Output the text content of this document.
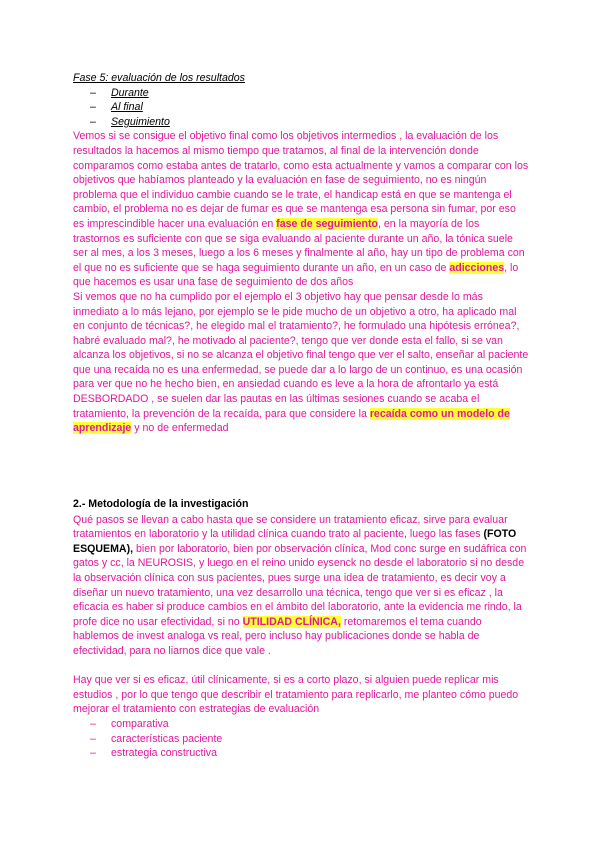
Fase 5: evaluación de los resultados

– Durante
– Al final
– Seguimiento

Vemos si se consigue el objetivo final como los objetivos intermedios , la evaluación de los resultados la hacemos al mismo tiempo que tratamos, al final de la intervención donde comparamos como estaba antes de tratarlo, como esta actualmente y vamos a comparar con los objetivos que habíamos planteado y la evaluación en fase de seguimiento, no es ningún problema que el individuo cambie cuando se le trate, el handicap está en que se mantenga el cambio, el problema no es dejar de fumar es que se mantenga esa persona sin fumar, por eso es imprescindible hacer una evaluación en fase de seguimiento, en la mayoría de los trastornos es suficiente con que se siga evaluando al paciente durante un año, la tónica suele ser al mes, a los 3 meses, luego a los 6 meses y finalmente al año, hay un tipo de problema con el que no es suficiente que se haga seguimiento durante un año, en un caso de adicciones, lo que hacemos es usar una fase de seguimiento de dos años

Si vemos que no ha cumplido por el ejemplo el 3 objetivo hay que pensar desde lo más inmediato a lo más lejano, por ejemplo se le pide mucho de un objetivo a otro, ha aplicado mal en conjunto de técnicas?, he elegido mal el tratamiento?, he formulado una hipótesis errónea?, habré evaluado mal?, he motivado al paciente?, tengo que ver donde esta el fallo, si se van alcanza los objetivos, si no se alcanza el objetivo final tengo que ver el salto, enseñar al paciente que una recaída no es una enfermedad, se puede dar a lo largo de un continuo, es una ocasión para ver que no he hecho bien, en ansiedad cuando es leve a la hora de afrontarlo ya está DESBORDADO , se suelen dar las pautas en las últimas sesiones cuando se acaba el tratamiento, la prevención de la recaída, para que considere la recaída como un modelo de aprendizaje y no de enfermedad

2.- Metodología de la investigación

Qué pasos se llevan a cabo hasta que se considere un tratamiento eficaz, sirve para evaluar tratamientos en laboratorio y la utilidad clínica cuando trato al paciente, luego las fases (FOTO ESQUEMA), bien por laboratorio, bien por observación clínica, Mod conc surge en sudáfrica con gatos y cc, la NEUROSIS, y luego en el reino unido eysenck no desde el laboratorio si no desde la observación clínica con sus pacientes, pues surge una idea de tratamiento, es decir voy a diseñar un nuevo tratamiento, una vez desarrollo una técnica, tengo que ver si es eficaz , la eficacia es haber si produce cambios en el ámbito del laboratorio, ante la evidencia me rindo, la profe dice no usar efectividad, si no UTILIDAD CLÍNICA, retomaremos el tema cuando hablemos de invest analoga vs real, pero incluso hay publicaciones donde se habla de efectividad, para no liarnos dice que vale .

Hay que ver si es eficaz, útil clínicamente, si es a corto plazo, si alguien puede replicar mis estudios , por lo que tengo que describir el tratamiento para replicarlo, me planteo cómo puedo mejorar el tratamiento con estrategias de evaluación

– comparativa
– características paciente
– estrategia constructiva
